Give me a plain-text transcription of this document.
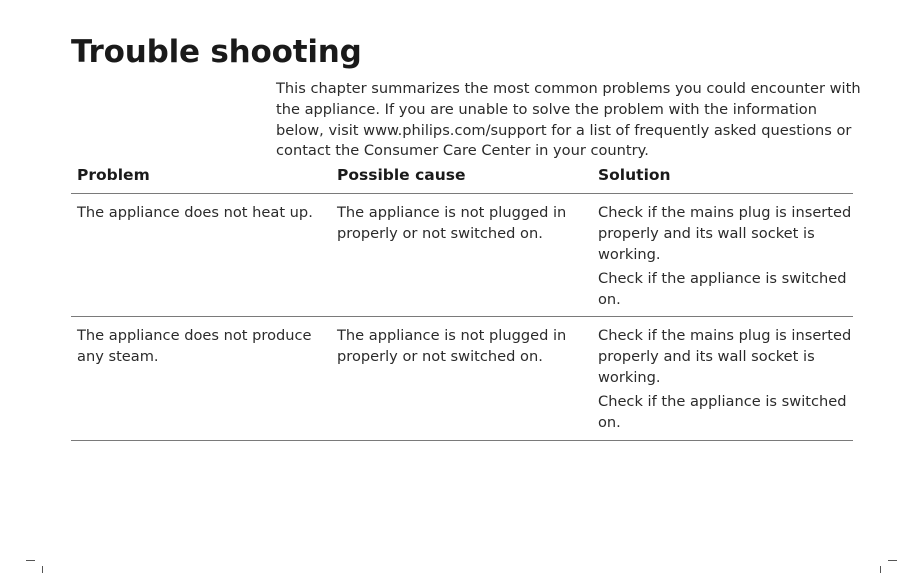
Trouble shooting

This chapter summarizes the most common problems you could encounter with
the appliance. If you are unable to solve the problem with the information
below, visit www.philips.com/support for a list of frequently asked questions or
contact the Consumer Care Center in your country.

Problem	Possible cause	Solution
The appliance does not heat up. The appliance is not plugged in
properly or not switched on.
Check if the mains plug is inserted
properly and its wall socket is
working.
Check if the appliance is switched
on.
The appliance does not produce
any steam.
The appliance is not plugged in
properly or not switched on.
Check if the mains plug is inserted
properly and its wall socket is
working.
Check if the appliance is switched
on.
